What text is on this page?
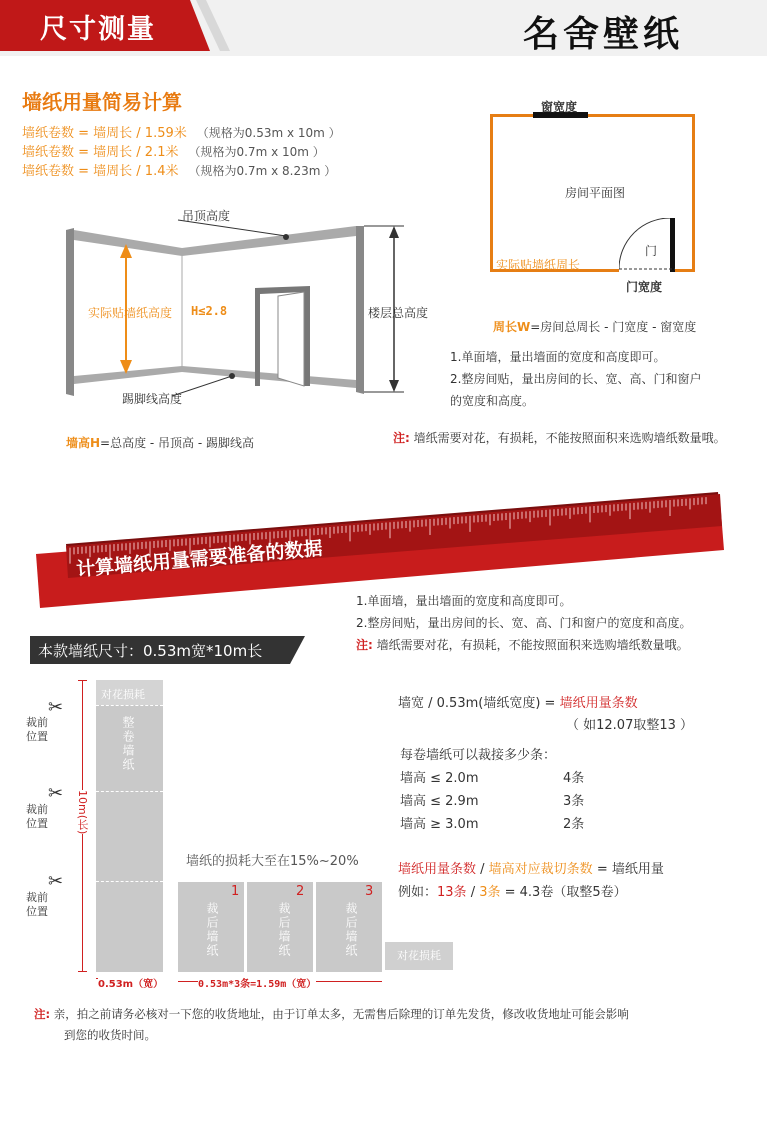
尺寸测量	名舍壁纸
墙纸用量简易计算
墙纸卷数 = 墙周长 / 1.59米 （规格为0.53m x 10m ）
墙纸卷数 = 墙周长 / 2.1米 （规格为0.7m x 10m ）
墙纸卷数 = 墙周长 / 1.4米 （规格为0.7m x 8.23m ）
吊顶高度
实际贴墙纸高度 H≤2.8	楼层总高度
踢脚线高度
墙高H=总高度 - 吊顶高 - 踢脚线高
窗宽度
房间平面图
门
实际贴墙纸周长
门宽度
周长W=房间总周长 - 门宽度 - 窗宽度
1.单面墙，量出墙面的宽度和高度即可。
2.整房间贴，量出房间的长、宽、高、门和窗户
的宽度和高度。
注: 墙纸需要对花，有损耗，不能按照面积来选购墙纸数量哦。
计算墙纸用量需要准备的数据
1.单面墙，量出墙面的宽度和高度即可。
2.整房间贴，量出房间的长、宽、高、门和窗户的宽度和高度。
注: 墙纸需要对花，有损耗，不能按照面积来选购墙纸数量哦。
本款墙纸尺寸：0.53m宽*10m长
对花损耗
整卷墙纸
10m(长)
✂
✂
✂
裁前位置
裁前位置
裁前位置
0.53m（宽）
墙纸的损耗大至在15%~20%
1	2	3
裁后墙纸	裁后墙纸	裁后墙纸	对花损耗
0.53m*3条=1.59m（宽）
墙宽 / 0.53m(墙纸宽度) = 墙纸用量条数
（ 如12.07取整13 ）
每卷墙纸可以裁接多少条：
墙高 ≤ 2.0m	4条
墙高 ≤ 2.9m	3条
墙高 ≥ 3.0m	2条
墙纸用量条数 / 墙高对应裁切条数 = 墙纸用量
例如：13条 / 3条 = 4.3卷（取整5卷）
注: 亲，拍之前请务必核对一下您的收货地址，由于订单太多，无需售后除理的订单先发货，修改收货地址可能会影响
到您的收货时间。
